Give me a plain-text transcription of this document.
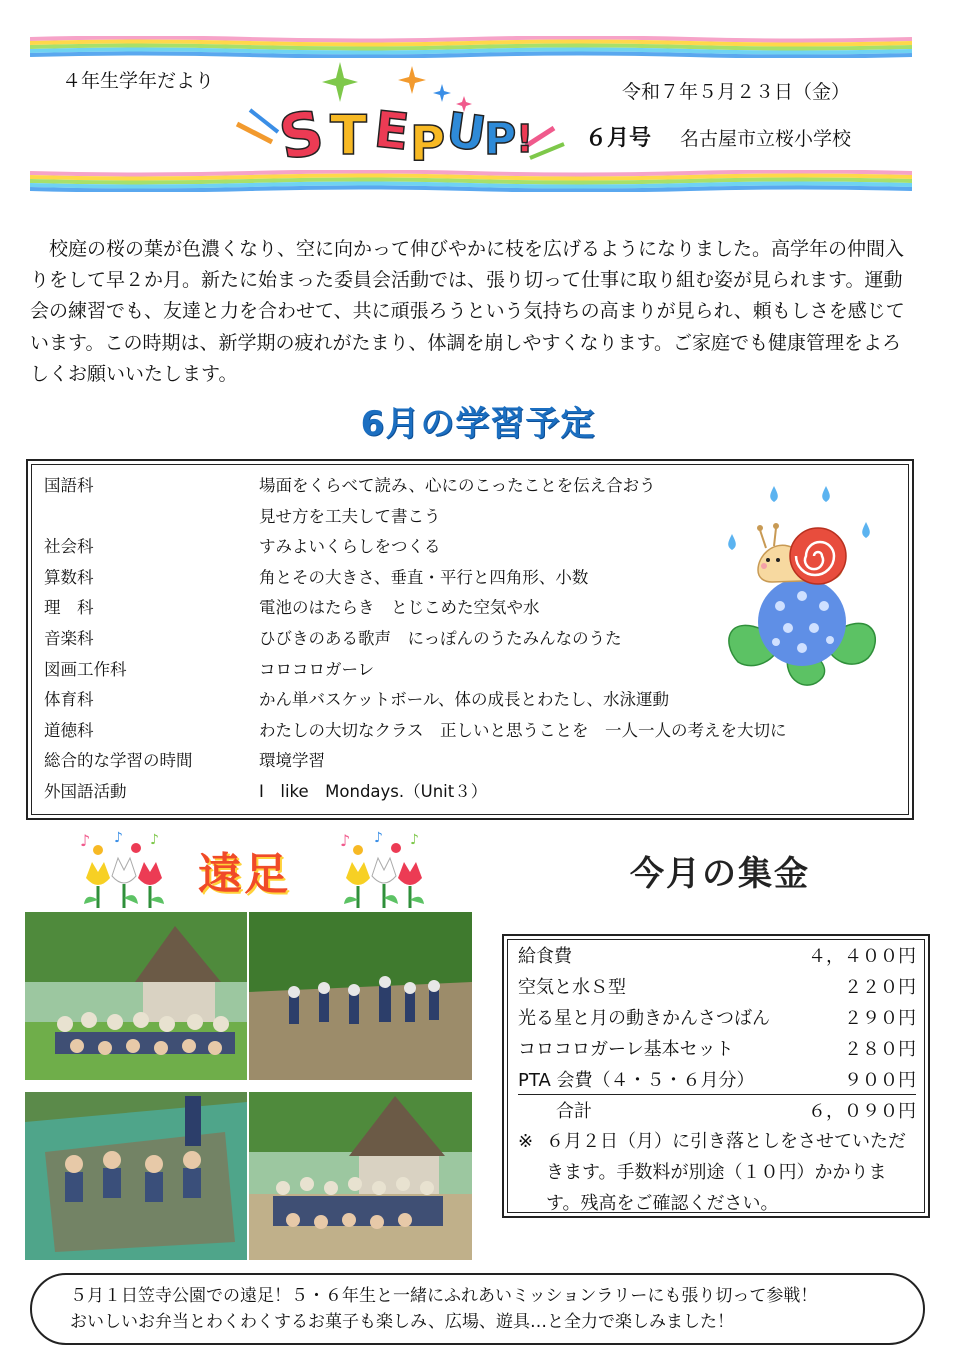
４年生学年だより
S T E
P
U
P !
令和７年５月２３日（金）
６月号 名古屋市立桜小学校

校庭の桜の葉が色濃くなり、空に向かって伸びやかに枝を広げるようになりました。高学年の仲間入りをして早２か月。新たに始まった委員会活動では、張り切って仕事に取り組む姿が見られます。運動会の練習でも、友達と力を合わせて、共に頑張ろうという気持ちの高まりが見られ、頼もしさを感じています。この時期は、新学期の疲れがたまり、体調を崩しやすくなります。ご家庭でも健康管理をよろしくお願いいたします。

6月の学習予定
国語科	場面をくらべて読み、心にのこったことを伝え合おう
見せ方を工夫して書こう
社会科	すみよいくらしをつくる
算数科	角とその大きさ、垂直・平行と四角形、小数
理　科	電池のはたらき　とじこめた空気や水
音楽科	ひびきのある歌声　にっぽんのうたみんなのうた
図画工作科	コロコロガーレ
体育科	かん単バスケットボール、体の成長とわたし、水泳運動
道徳科	わたしの大切なクラス　正しいと思うことを　一人一人の考えを大切に
総合的な学習の時間	環境学習
外国語活動	I　like　Mondays.（Unit３）
♪ ♪ ♪
遠足
♪ ♪ ♪
今月の集金
給食費	４，４００円
空気と水Ｓ型	２２０円
光る星と月の動きかんさつばん	２９０円
コロコロガーレ基本セット	２８０円
PTA 会費（４・５・６月分）	９００円
合計	６，０９０円
※ ６月２日（月）に引き落としをさせていただきます。手数料が別途（１０円）かかります。残高をご確認ください。
５月１日笠寺公園での遠足！５・６年生と一緒にふれあいミッションラリーにも張り切って参戦！
おいしいお弁当とわくわくするお菓子も楽しみ、広場、遊具…と全力で楽しみました！
